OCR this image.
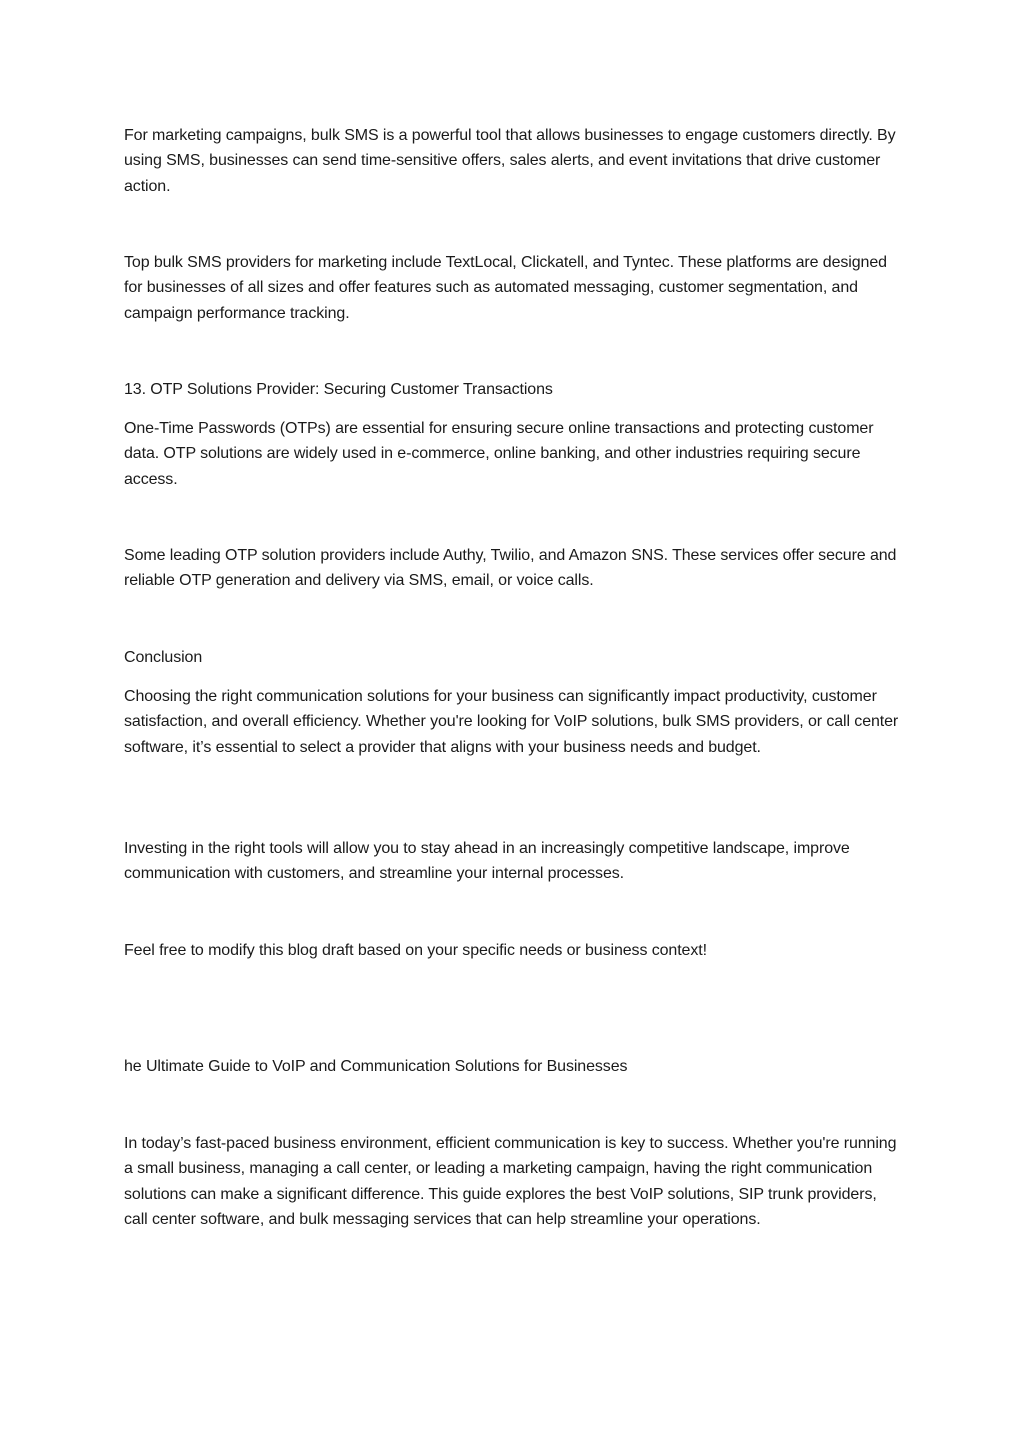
For marketing campaigns, bulk SMS is a powerful tool that allows businesses to engage customers directly. By using SMS, businesses can send time-sensitive offers, sales alerts, and event invitations that drive customer action.

Top bulk SMS providers for marketing include TextLocal, Clickatell, and Tyntec. These platforms are designed for businesses of all sizes and offer features such as automated messaging, customer segmentation, and campaign performance tracking.

13. OTP Solutions Provider: Securing Customer Transactions

One-Time Passwords (OTPs) are essential for ensuring secure online transactions and protecting customer data. OTP solutions are widely used in e-commerce, online banking, and other industries requiring secure access.

Some leading OTP solution providers include Authy, Twilio, and Amazon SNS. These services offer secure and reliable OTP generation and delivery via SMS, email, or voice calls.

Conclusion

Choosing the right communication solutions for your business can significantly impact productivity, customer satisfaction, and overall efficiency. Whether you're looking for VoIP solutions, bulk SMS providers, or call center software, it’s essential to select a provider that aligns with your business needs and budget.

Investing in the right tools will allow you to stay ahead in an increasingly competitive landscape, improve communication with customers, and streamline your internal processes.

Feel free to modify this blog draft based on your specific needs or business context!

he Ultimate Guide to VoIP and Communication Solutions for Businesses

In today’s fast-paced business environment, efficient communication is key to success. Whether you're running a small business, managing a call center, or leading a marketing campaign, having the right communication solutions can make a significant difference. This guide explores the best VoIP solutions, SIP trunk providers, call center software, and bulk messaging services that can help streamline your operations.
